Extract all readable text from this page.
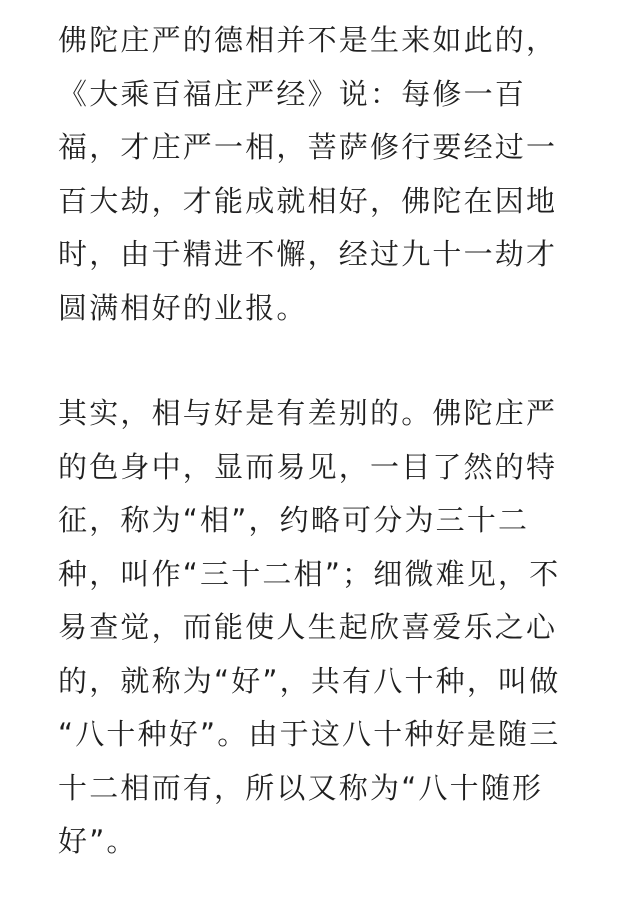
佛陀庄严的德相并不是生来如此的，
《大乘百福庄严经》说：每修一百
福，才庄严一相，菩萨修行要经过一
百大劫，才能成就相好，佛陀在因地
时，由于精进不懈，经过九十一劫才
圆满相好的业报。
其实，相与好是有差别的。佛陀庄严
的色身中，显而易见，一目了然的特
征，称为“相”，约略可分为三十二
种，叫作“三十二相”；细微难见，不
易查觉，而能使人生起欣喜爱乐之心
的，就称为“好”，共有八十种，叫做
“八十种好”。由于这八十种好是随三
十二相而有，所以又称为“八十随形
好”。
